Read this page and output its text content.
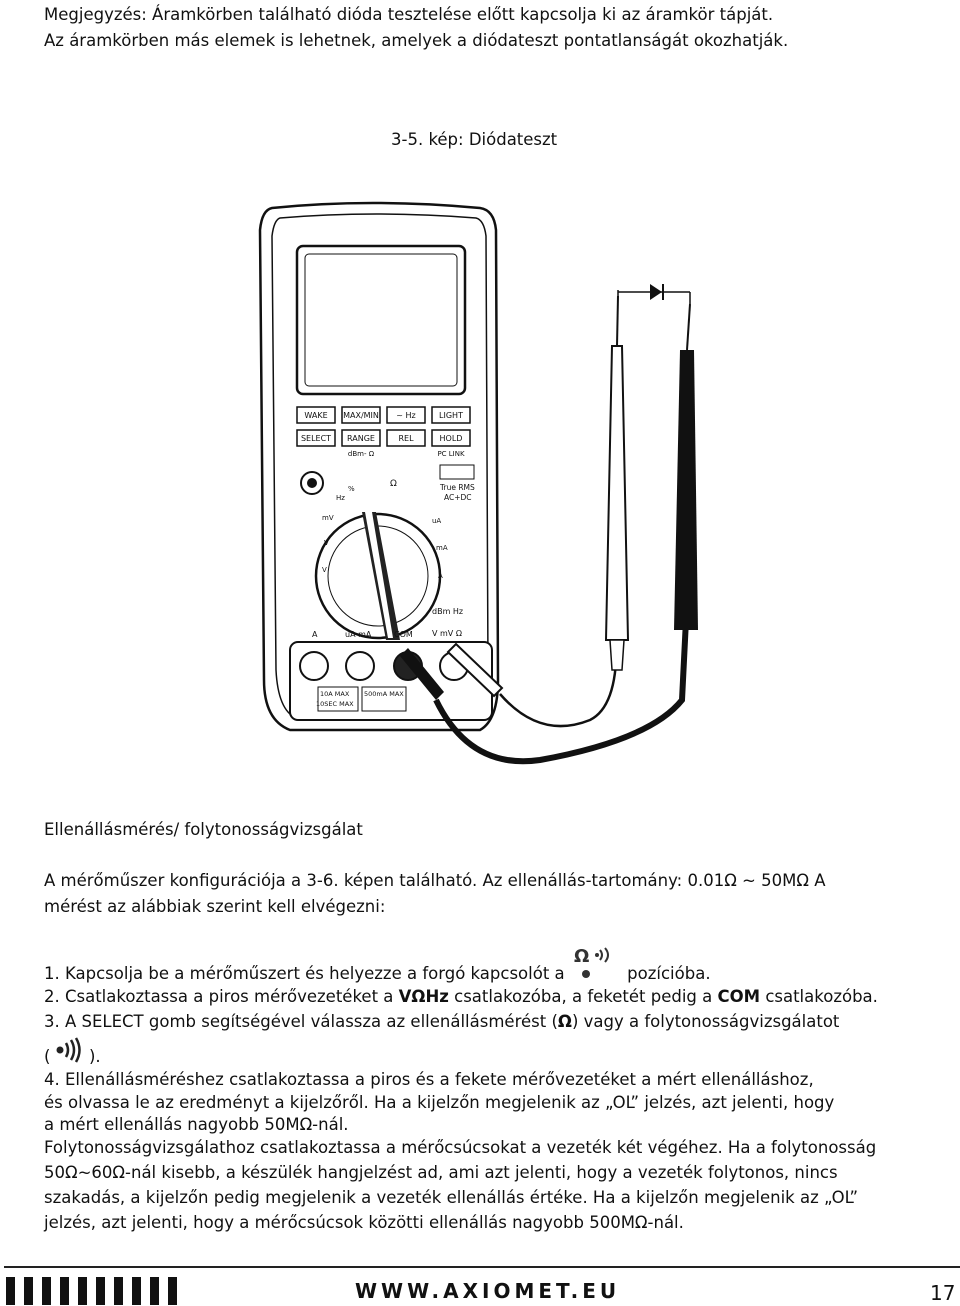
Megjegyzés: Áramkörben található dióda tesztelése előtt kapcsolja ki az áramkör tápját.
Az áramkörben más elemek is lehetnek, amelyek a diódateszt pontatlanságát okozhatják.
3-5. kép: Diódateszt
WAKE MAX/MIN ~ Hz	LIGHT
SELECT RANGE	REL	HOLD
dBm- Ω	PC LINK
True RMS
AC+DC
Hz
%	Ω
V
mV	uA
mA
A
V
dBm Hz
V mV Ω
A	uA mA	COM
10A MAX
10SEC MAX
500mA MAX
Ellenállásmérés/ folytonosságvizsgálat
A mérőműszer konfigurációja a 3-6. képen található. Az ellenállás-tartomány: 0.01Ω ~ 50MΩ A
mérést az alábbiak szerint kell elvégezni:
1. Kapcsolja be a mérőműszert és helyezze a forgó kapcsolót a
Ω
pozícióba.
2. Csatlakoztassa a piros mérővezetéket a VΩHz csatlakozóba, a feketét pedig a COM csatlakozóba.
3. A SELECT gomb segítségével válassza az ellenállásmérést (Ω) vagy a folytonosságvizsgálatot
( ).
4. Ellenállásméréshez csatlakoztassa a piros és a fekete mérővezetéket a mért ellenálláshoz,
és olvassa le az eredményt a kijelzőről. Ha a kijelzőn megjelenik az „OL” jelzés, azt jelenti, hogy
a mért ellenállás nagyobb 50MΩ-nál.
Folytonosságvizsgálathoz csatlakoztassa a mérőcsúcsokat a vezeték két végéhez. Ha a folytonosság
50Ω~60Ω-nál kisebb, a készülék hangjelzést ad, ami azt jelenti, hogy a vezeték folytonos, nincs
szakadás, a kijelzőn pedig megjelenik a vezeték ellenállás értéke. Ha a kijelzőn megjelenik az „OL”
jelzés, azt jelenti, hogy a mérőcsúcsok közötti ellenállás nagyobb 500MΩ-nál.
WWW.AXIOMET.EU	17
